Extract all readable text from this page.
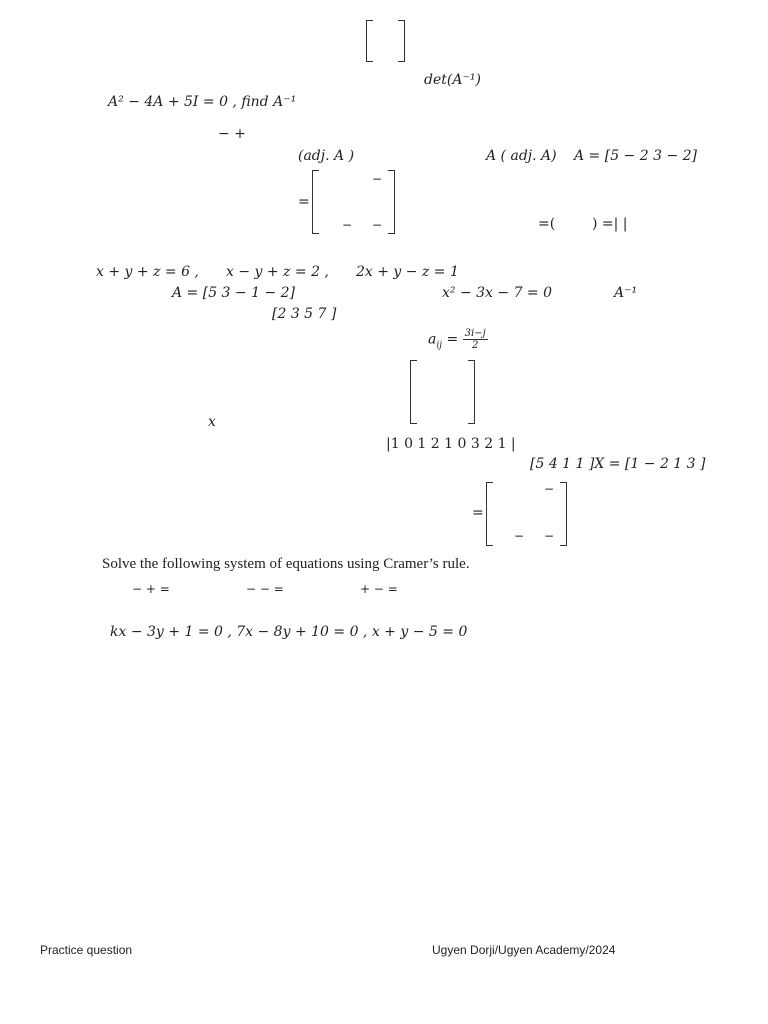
det(A⁻¹)
A² − 4A + 5I = 0 , find A⁻¹
− +
(adj. A )	A ( adj. A) A = [5 − 2 3 − 2]
=
−
− −	=(	) =| |
x + y + z = 6 , x − y + z = 2 , 2x + y − z = 1
A = [5 3 − 1 − 2]	x² − 3x − 7 = 0	A⁻¹
[2 3 5 7 ]
$a_{ij} = \frac{3i-j}{2}$
x
|1 0 1 2 1 0 3 2 1 |
[5 4 1 1 ]X = [1 − 2 1 3 ]
=
−
− −
Solve the following system of equations using Cramer’s rule.
− + =	− − =	+ − =
kx − 3y + 1 = 0 , 7x − 8y + 10 = 0 , x + y − 5 = 0
Practice question	Ugyen Dorji/Ugyen Academy/2024
